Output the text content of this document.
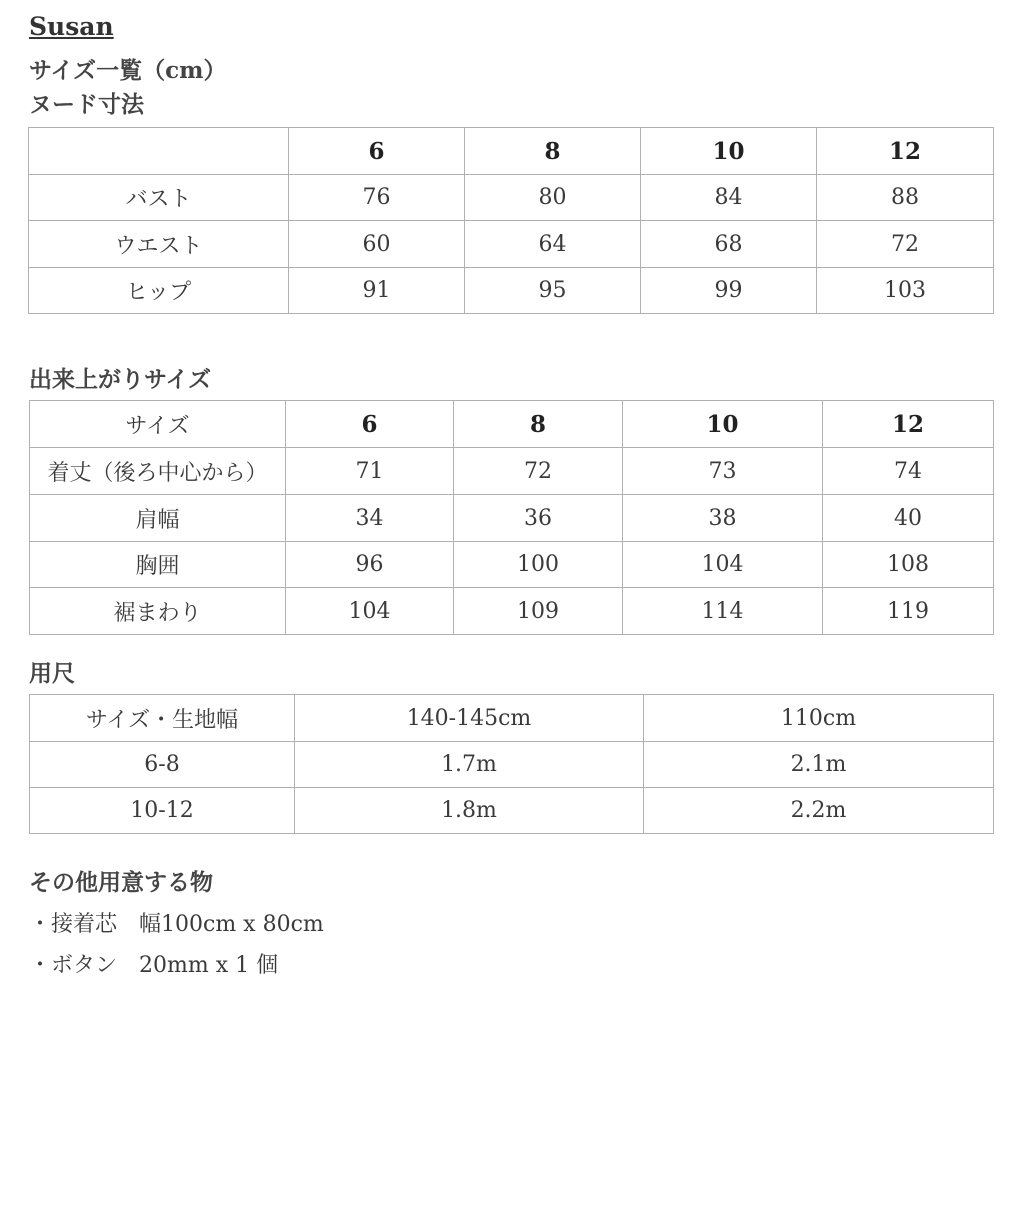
Susan
サイズ一覧（cm）
ヌード寸法
	6	8	10	12
バスト	76	80	84	88
ウエスト	60	64	68	72
ヒップ	91	95	99	103
出来上がりサイズ
サイズ	6	8	10	12
着丈（後ろ中心から）	71	72	73	74
肩幅	34	36	38	40
胸囲	96	100	104	108
裾まわり	104	109	114	119
用尺
サイズ・生地幅	140-145cm	110cm
6-8	1.7m	2.1m
10-12	1.8m	2.2m
その他用意する物
・接着芯 幅100cm x 80cm
・ボタン 20mm x 1 個
